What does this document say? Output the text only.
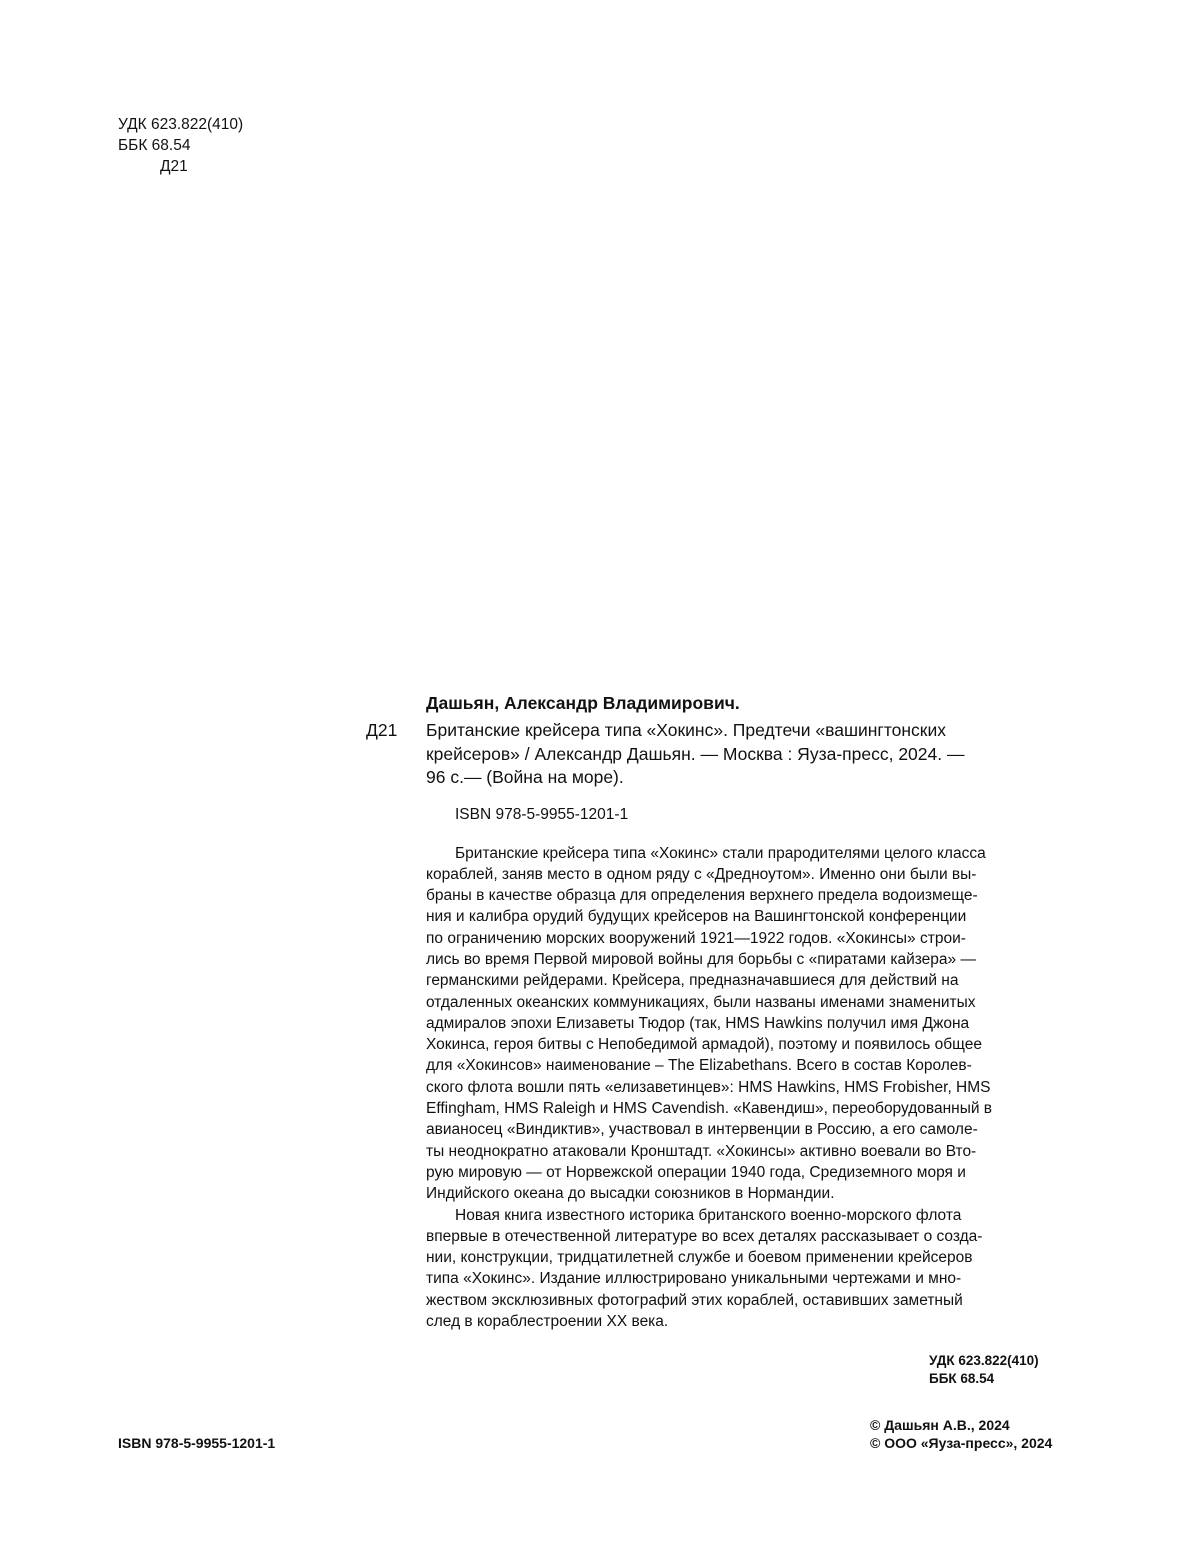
УДК 623.822(410)
ББК 68.54
Д21
Дашьян, Александр Владимирович.
Д21 Британские крейсера типа «Хокинс». Предтечи «вашингтонских
крейсеров» / Александр Дашьян. — Москва : Яуза-пресс, 2024. —
96 с.— (Война на море).
ISBN 978-5-9955-1201-1
Британские крейсера типа «Хокинс» стали прародителями целого класса
кораблей, заняв место в одном ряду с «Дредноутом». Именно они были вы-
браны в качестве образца для определения верхнего предела водоизмеще-
ния и калибра орудий будущих крейсеров на Вашингтонской конференции
по ограничению морских вооружений 1921—1922 годов. «Хокинсы» строи-
лись во время Первой мировой войны для борьбы с «пиратами кайзера» —
германскими рейдерами. Крейсера, предназначавшиеся для действий на
отдаленных океанских коммуникациях, были названы именами знаменитых
адмиралов эпохи Елизаветы Тюдор (так, HMS Hawkins получил имя Джона
Хокинса, героя битвы с Непобедимой армадой), поэтому и появилось общее
для «Хокинсов» наименование – The Elizabethans. Всего в состав Королев-
ского флота вошли пять «елизаветинцев»: HMS Hawkins, HMS Frobisher, HMS
Effingham, HMS Raleigh и HMS Cavendish. «Кавендиш», переоборудованный в
авианосец «Виндиктив», участвовал в интервенции в Россию, а его самоле-
ты неоднократно атаковали Кронштадт. «Хокинсы» активно воевали во Вто-
рую мировую — от Норвежской операции 1940 года, Средиземного моря и
Индийского океана до высадки союзников в Нормандии.
Новая книга известного историка британского военно-морского флота
впервые в отечественной литературе во всех деталях рассказывает о созда-
нии, конструкции, тридцатилетней службе и боевом применении крейсеров
типа «Хокинс». Издание иллюстрировано уникальными чертежами и мно-
жеством эксклюзивных фотографий этих кораблей, оставивших заметный
след в кораблестроении XX века.
УДК 623.822(410)
ББК 68.54
ISBN 978-5-9955-1201-1
© Дашьян А.В., 2024
© ООО «Яуза-пресс», 2024
